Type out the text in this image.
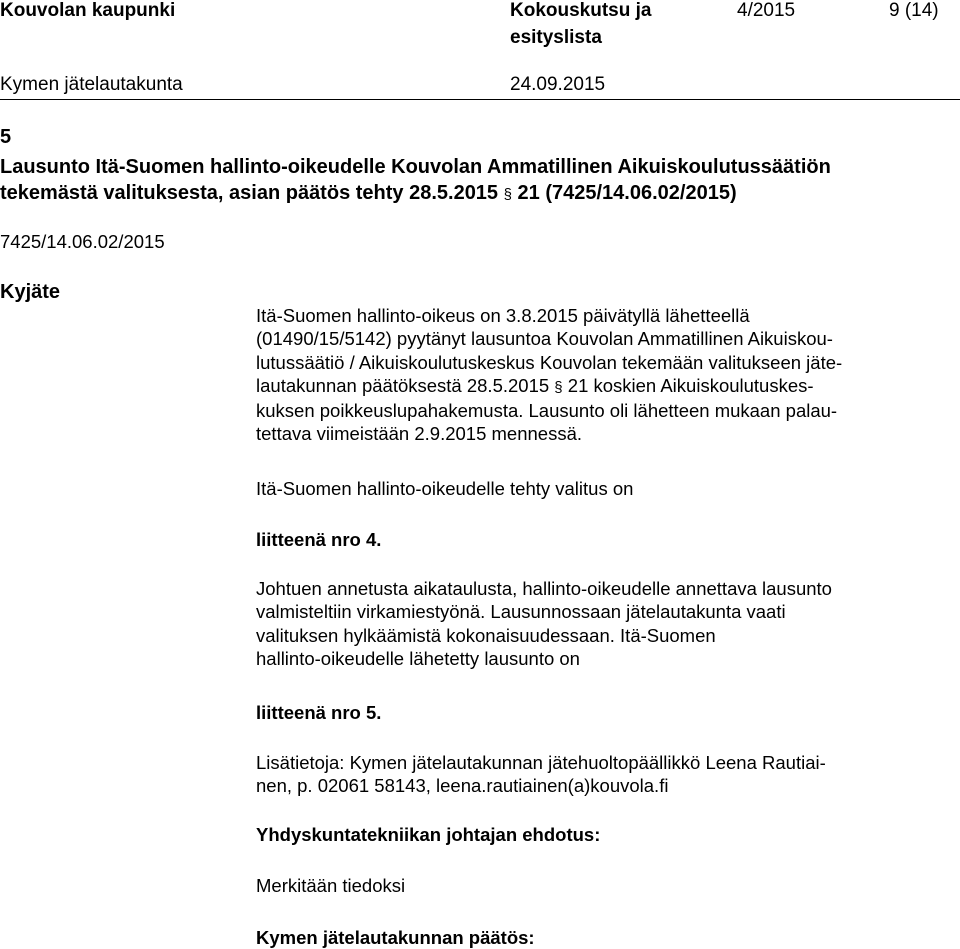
Kouvolan kaupunki	Kokouskutsu ja
esityslista
4/2015	9 (14)
Kymen jätelautakunta	24.09.2015
5
Lausunto Itä-Suomen hallinto-oikeudelle Kouvolan Ammatillinen Aikuiskoulutussäätiön
tekemästä valituksesta, asian päätös tehty 28.5.2015 § 21 (7425/14.06.02/2015)
7425/14.06.02/2015
Kyjäte
Itä-Suomen hallinto-oikeus on 3.8.2015 päivätyllä lähetteellä
(01490/15/5142) pyytänyt lausuntoa Kouvolan Ammatillinen Aikuiskou-
lutussäätiö / Aikuiskoulutuskeskus Kouvolan tekemään valitukseen jäte-
lautakunnan päätöksestä 28.5.2015 § 21 koskien Aikuiskoulutuskes-
kuksen poikkeuslupahakemusta. Lausunto oli lähetteen mukaan palau-
tettava viimeistään 2.9.2015 mennessä.
Itä-Suomen hallinto-oikeudelle tehty valitus on
liitteenä nro 4.
Johtuen annetusta aikataulusta, hallinto-oikeudelle annettava lausunto
valmisteltiin virkamiestyönä. Lausunnossaan jätelautakunta vaati
valituksen hylkäämistä kokonaisuudessaan. Itä-Suomen
hallinto-oikeudelle lähetetty lausunto on
liitteenä nro 5.
Lisätietoja: Kymen jätelautakunnan jätehuoltopäällikkö Leena Rautiai-
nen, p. 02061 58143, leena.rautiainen(a)kouvola.fi
Yhdyskuntatekniikan johtajan ehdotus:
Merkitään tiedoksi
Kymen jätelautakunnan päätös:
